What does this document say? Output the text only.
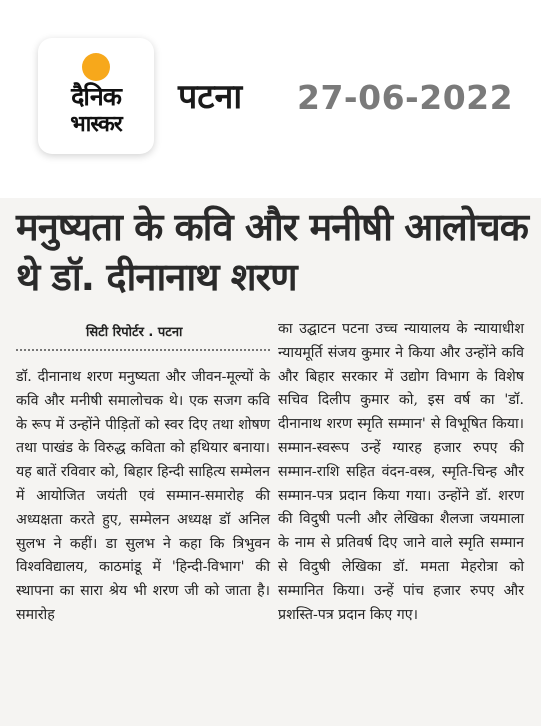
दैनिक
भास्कर
पटना 27-06-2022
मनुष्यता के कवि और मनीषी आलोचक थे डॉ. दीनानाथ शरण
सिटी रिपोर्टर . पटना
डॉ. दीनानाथ शरण मनुष्यता और जीवन-मूल्यों के कवि और मनीषी समालोचक थे। एक सजग कवि के रूप में उन्होंने पीड़ितों को स्वर दिए तथा शोषण तथा पाखंड के विरुद्ध कविता को हथियार बनाया। यह बातें रविवार को, बिहार हिन्दी साहित्य सम्मेलन में आयोजित जयंती एवं सम्मान-समारोह की अध्यक्षता करते हुए, सम्मेलन अध्यक्ष डॉ अनिल सुलभ ने कहीं। डा सुलभ ने कहा कि त्रिभुवन विश्वविद्यालय, काठमांडू में 'हिन्दी-विभाग' की स्थापना का सारा श्रेय भी शरण जी को जाता है। समारोह
का उद्घाटन पटना उच्च न्यायालय के न्यायाधीश न्यायमूर्ति संजय कुमार ने किया और उन्होंने कवि और बिहार सरकार में उद्योग विभाग के विशेष सचिव दिलीप कुमार को, इस वर्ष का 'डॉ. दीनानाथ शरण स्मृति सम्मान' से विभूषित किया। सम्मान-स्वरूप उन्हें ग्यारह हजार रुपए की सम्मान-राशि सहित वंदन-वस्त्र, स्मृति-चिन्ह और सम्मान-पत्र प्रदान किया गया। उन्होंने डॉ. शरण की विदुषी पत्नी और लेखिका शैलजा जयमाला के नाम से प्रतिवर्ष दिए जाने वाले स्मृति सम्मान से विदुषी लेखिका डॉ. ममता मेहरोत्रा को सम्मानित किया। उन्हें पांच हजार रुपए और प्रशस्ति-पत्र प्रदान किए गए।
